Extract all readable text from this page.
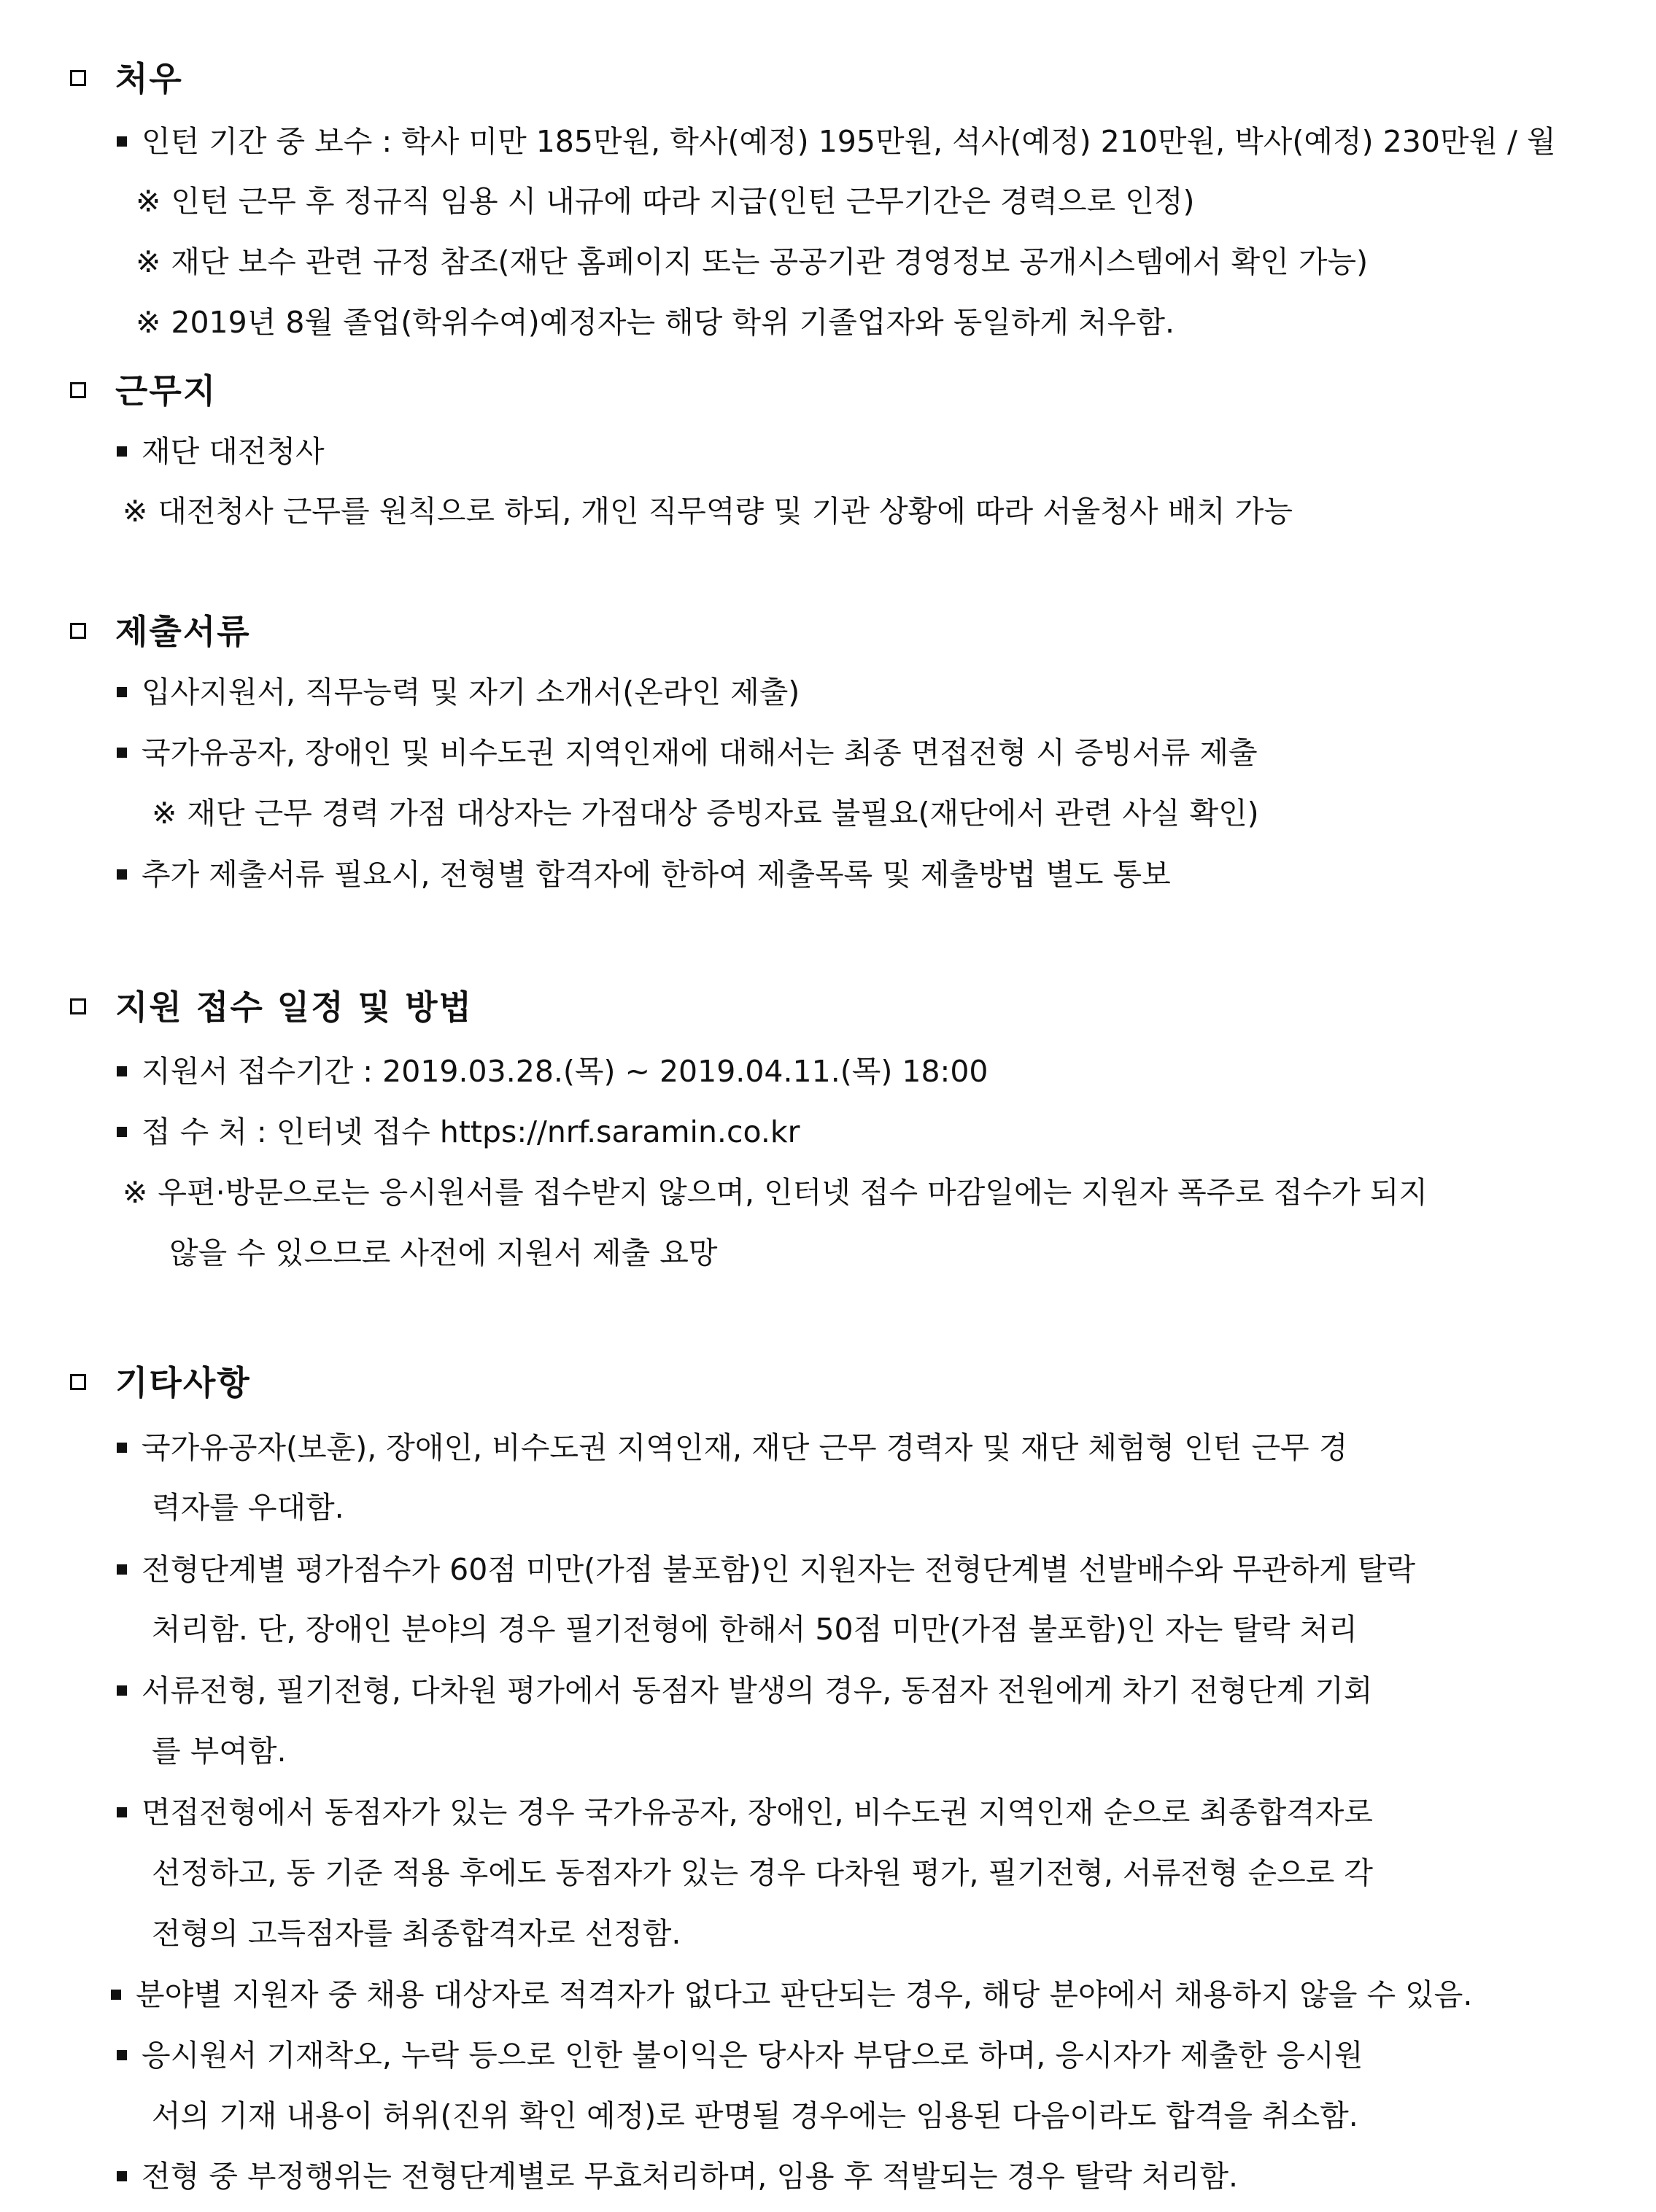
처우
인턴 기간 중 보수 : 학사 미만 185만원, 학사(예정) 195만원, 석사(예정) 210만원, 박사(예정) 230만원 / 월
※ 인턴 근무 후 정규직 임용 시 내규에 따라 지급(인턴 근무기간은 경력으로 인정)
※ 재단 보수 관련 규정 참조(재단 홈페이지 또는 공공기관 경영정보 공개시스템에서 확인 가능)
※ 2019년 8월 졸업(학위수여)예정자는 해당 학위 기졸업자와 동일하게 처우함.
근무지
재단 대전청사
※ 대전청사 근무를 원칙으로 하되, 개인 직무역량 및 기관 상황에 따라 서울청사 배치 가능
제출서류
입사지원서, 직무능력 및 자기 소개서(온라인 제출)
국가유공자, 장애인 및 비수도권 지역인재에 대해서는 최종 면접전형 시 증빙서류 제출
※ 재단 근무 경력 가점 대상자는 가점대상 증빙자료 불필요(재단에서 관련 사실 확인)
추가 제출서류 필요시, 전형별 합격자에 한하여 제출목록 및 제출방법 별도 통보
지원 접수 일정 및 방법
지원서 접수기간 : 2019.03.28.(목) ~ 2019.04.11.(목) 18:00
접 수 처 : 인터넷 접수 https://nrf.saramin.co.kr
※ 우편·방문으로는 응시원서를 접수받지 않으며, 인터넷 접수 마감일에는 지원자 폭주로 접수가 되지
않을 수 있으므로 사전에 지원서 제출 요망
기타사항
국가유공자(보훈), 장애인, 비수도권 지역인재, 재단 근무 경력자 및 재단 체험형 인턴 근무 경
력자를 우대함.
전형단계별 평가점수가 60점 미만(가점 불포함)인 지원자는 전형단계별 선발배수와 무관하게 탈락
처리함. 단, 장애인 분야의 경우 필기전형에 한해서 50점 미만(가점 불포함)인 자는 탈락 처리
서류전형, 필기전형, 다차원 평가에서 동점자 발생의 경우, 동점자 전원에게 차기 전형단계 기회
를 부여함.
면접전형에서 동점자가 있는 경우 국가유공자, 장애인, 비수도권 지역인재 순으로 최종합격자로
선정하고, 동 기준 적용 후에도 동점자가 있는 경우 다차원 평가, 필기전형, 서류전형 순으로 각
전형의 고득점자를 최종합격자로 선정함.
분야별 지원자 중 채용 대상자로 적격자가 없다고 판단되는 경우, 해당 분야에서 채용하지 않을 수 있음.
응시원서 기재착오, 누락 등으로 인한 불이익은 당사자 부담으로 하며, 응시자가 제출한 응시원
서의 기재 내용이 허위(진위 확인 예정)로 판명될 경우에는 임용된 다음이라도 합격을 취소함.
전형 중 부정행위는 전형단계별로 무효처리하며, 임용 후 적발되는 경우 탈락 처리함.
